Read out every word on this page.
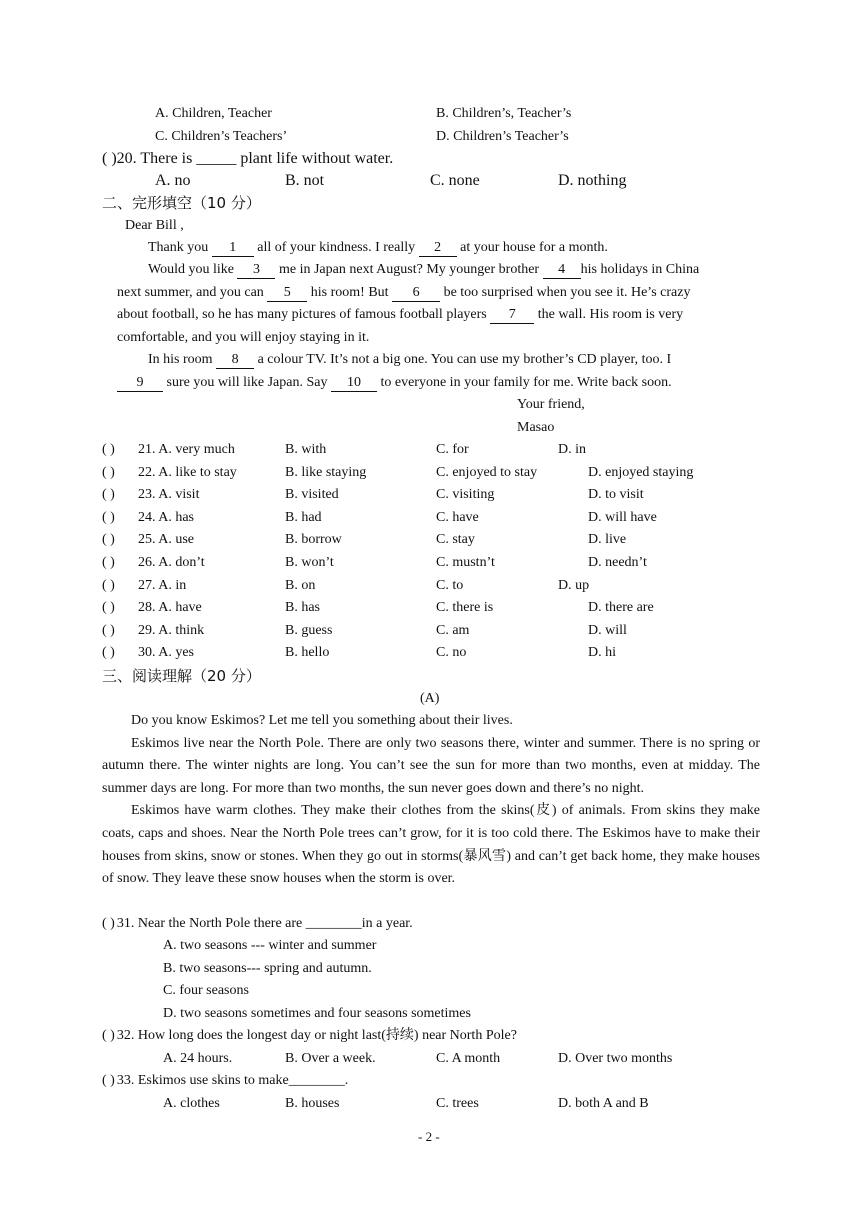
A. Children, Teacher	B. Children’s, Teacher’s
C. Children’s Teachers’	D. Children’s Teacher’s
( )20. There is _____ plant life without water.
A. no	B. not	C. none	D. nothing
二、完形填空（10 分）
Dear Bill ,
Thank you 1 all of your kindness. I really 2 at your house for a month.
Would you like 3 me in Japan next August? My younger brother 4 his holidays in China
next summer, and you can 5 his room! But 6 be too surprised when you see it. He’s crazy
about football, so he has many pictures of famous football players 7 the wall. His room is very
comfortable, and you will enjoy staying in it.
In his room 8 a colour TV. It’s not a big one. You can use my brother’s CD player, too. I
9 sure you will like Japan. Say 10 to everyone in your family for me. Write back soon.
Your friend,
Masao
( ) 21. A. very much	B. with	C. for	D. in
( ) 22. A. like to stay	B. like staying	C. enjoyed to stay	D. enjoyed staying
( ) 23. A. visit	B. visited	C. visiting	D. to visit
( ) 24. A. has	B. had	C. have	D. will have
( ) 25. A. use	B. borrow	C. stay	D. live
( ) 26. A. don’t	B. won’t	C. mustn’t	D. needn’t
( ) 27. A. in	B. on	C. to	D. up
( ) 28. A. have	B. has	C. there is	D. there are
( ) 29. A. think	B. guess	C. am	D. will
( ) 30. A. yes	B. hello	C. no	D. hi
三、阅读理解（20 分）
(A)

Do you know Eskimos? Let me tell you something about their lives.

Eskimos live near the North Pole. There are only two seasons there, winter and summer. There is no spring or autumn there. The winter nights are long. You can’t see the sun for more than two months, even at midday. The summer days are long. For more than two months, the sun never goes down and there’s no night.

Eskimos have warm clothes. They make their clothes from the skins(皮) of animals. From skins they make coats, caps and shoes. Near the North Pole trees can’t grow, for it is too cold there. The Eskimos have to make their houses from skins, snow or stones. When they go out in storms(暴风雪) and can’t get back home, they make houses of snow. They leave these snow houses when the storm is over.

( ) 31. Near the North Pole there are ________in a year.
A. two seasons --- winter and summer
B. two seasons--- spring and autumn.
C. four seasons
D. two seasons sometimes and four seasons sometimes
( ) 32. How long does the longest day or night last(持续) near North Pole?
A. 24 hours.	B. Over a week.	C. A month	D. Over two months
( ) 33. Eskimos use skins to make________.
A. clothes	B. houses	C. trees	D. both A and B
- 2 -
